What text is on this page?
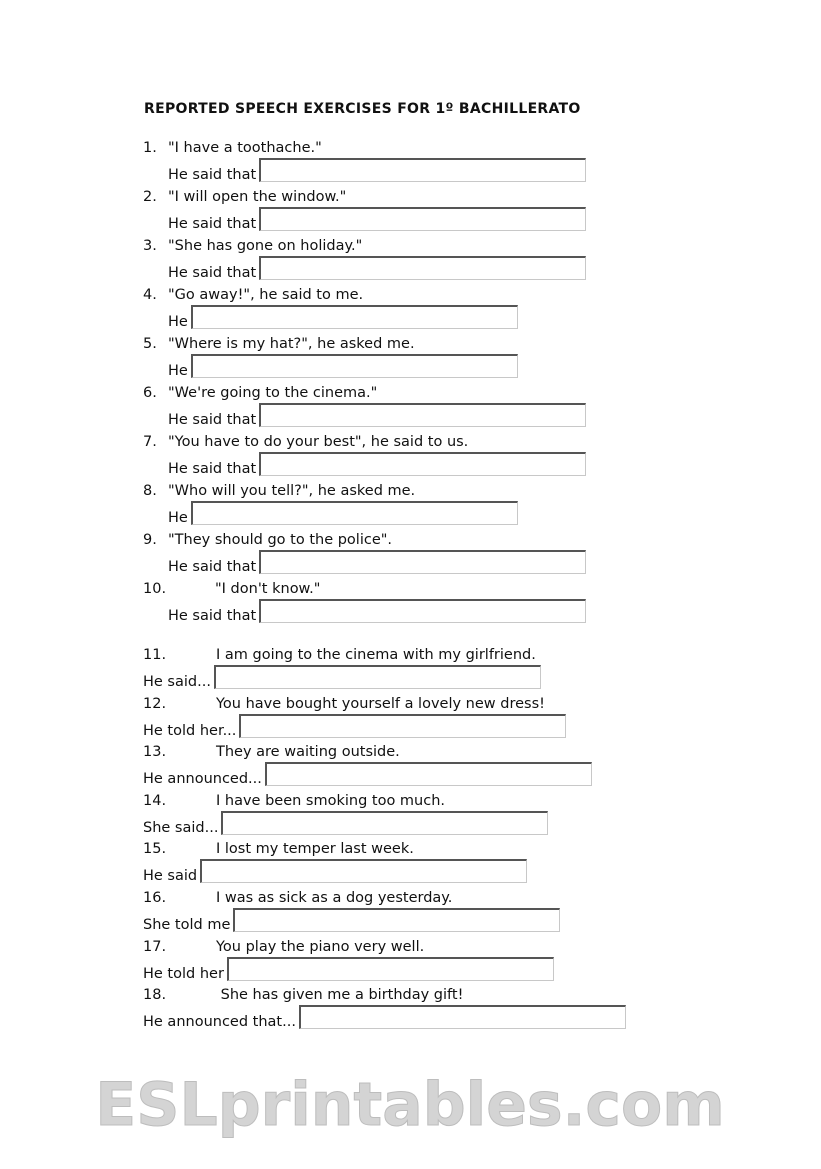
REPORTED SPEECH EXERCISES FOR 1º BACHILLERATO
1. "I have a toothache."
He said that
2. "I will open the window."
He said that
3. "She has gone on holiday."
He said that
4. "Go away!", he said to me.
He
5. "Where is my hat?", he asked me.
He
6. "We're going to the cinema."
He said that
7. "You have to do your best", he said to us.
He said that
8. "Who will you tell?", he asked me.
He
9. "They should go to the police".
He said that
10.	"I don't know."
He said that
11.	I am going to the cinema with my girlfriend.
He said...
12.	You have bought yourself a lovely new dress!
He told her...
13.	They are waiting outside.
He announced...
14.	I have been smoking too much.
She said...
15.	I lost my temper last week.
He said
16.	I was as sick as a dog yesterday.
She told me
17.	You play the piano very well.
He told her
18.	She has given me a birthday gift!
He announced that...
ESLprintables.com
